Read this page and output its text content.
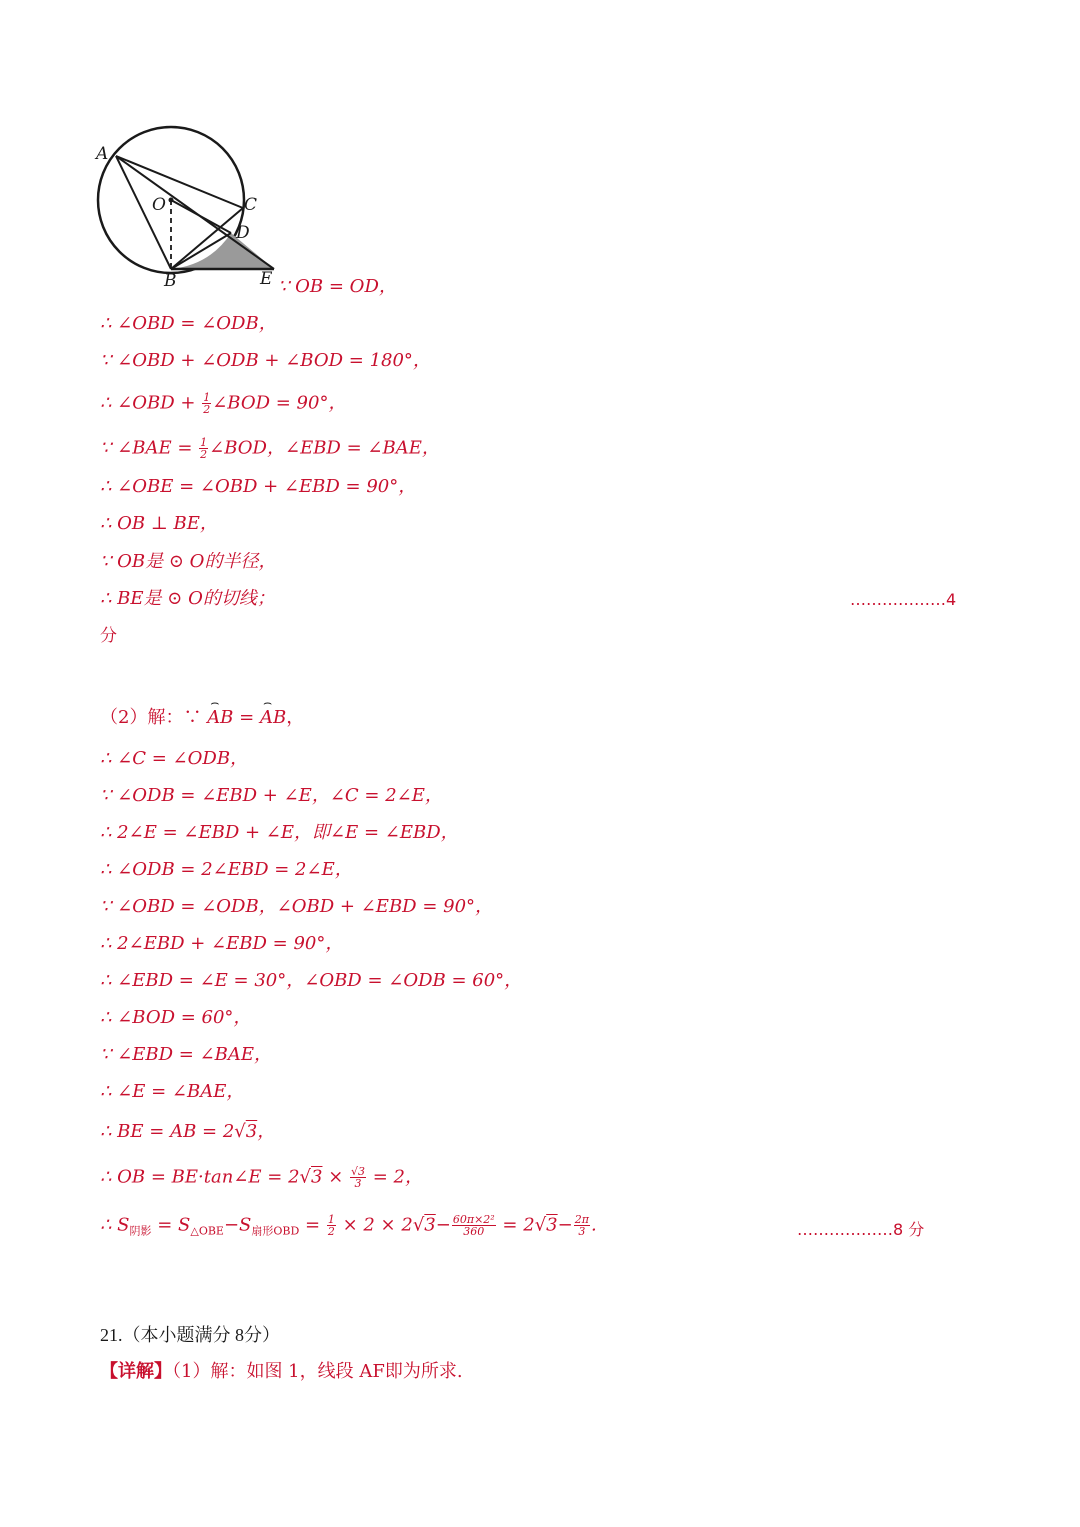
A
O	C
D
B	E ∵ OB = OD，
∴ ∠OBD = ∠ODB，
∵ ∠OBD + ∠ODB + ∠BOD = 180°，
∴ ∠OBD + $\frac{1}{2}$ ∠BOD = 90°，
∵ ∠BAE = $\frac{1}{2}$ ∠BOD，∠EBD = ∠BAE，
∴ ∠OBE = ∠OBD + ∠EBD = 90°，
∴ OB ⊥ BE，
∵ OB是 ⊙ O的半径，
∴ BE是 ⊙ O的切线；	………………4
分
（2）解：∵ ⌢ AB = ⌢ AB，
∴ ∠C = ∠ODB，
∵ ∠ODB = ∠EBD + ∠E，∠C = 2∠E，
∴ 2∠E = ∠EBD + ∠E，即∠E = ∠EBD，
∴ ∠ODB = 2∠EBD = 2∠E，
∵ ∠OBD = ∠ODB，∠OBD + ∠EBD = 90°，
∴ 2∠EBD + ∠EBD = 90°，
∴ ∠EBD = ∠E = 30°，∠OBD = ∠ODB = 60°，
∴ ∠BOD = 60°，
∵ ∠EBD = ∠BAE，
∴ ∠E = ∠BAE，
∴ BE = AB = 2√3，
∴ OB = BE·tan∠E = $2√3 \times \frac{√3}{3} = 2$，
∴ $S_{阴影} = S_{\triangle OBE}-S_{扇形OBD} = \frac{1}{2} \times 2 \times 2√3- \frac{\text{60π×2²}}{360} = 2√3- \frac{2\pi}{3}$ .	………………8 分
21.（本小题满分 8分）
【详解】（1）解：如图 1，线段 AF即为所求.
